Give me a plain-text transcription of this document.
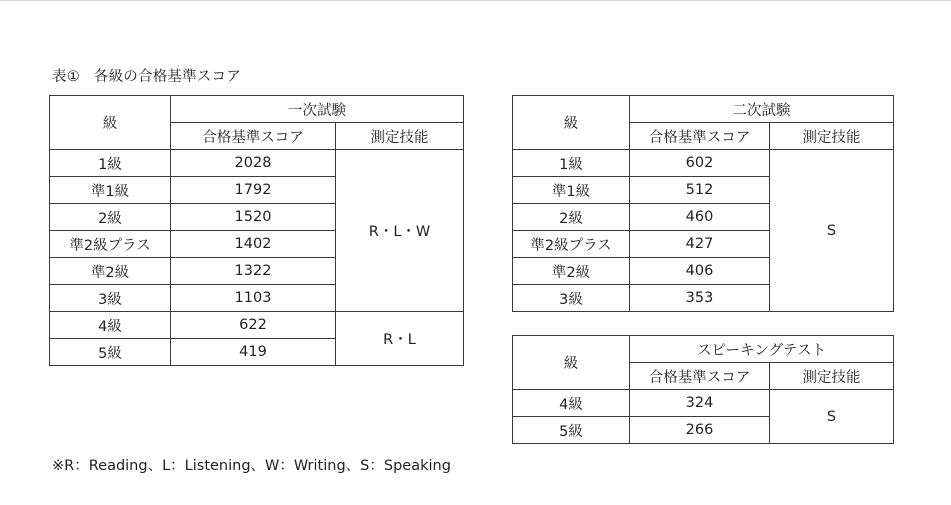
表① 各級の合格基準スコア
級	一次試験	
	合格基準スコア	測定技能
1級	2028	R・L・W
準1級	1792	
2級	1520	
準2級プラス	1402	
準2級	1322	
3級	1103	
4級	622	R・L
5級	419	
級	二次試験	
	合格基準スコア	測定技能
1級	602	S
準1級	512	
2級	460	
準2級プラス	427	
準2級	406	
3級	353	
級	スピーキングテスト	
	合格基準スコア	測定技能
4級	324	S
5級	266	
※R：Reading、L：Listening、W：Writing、S：Speaking
